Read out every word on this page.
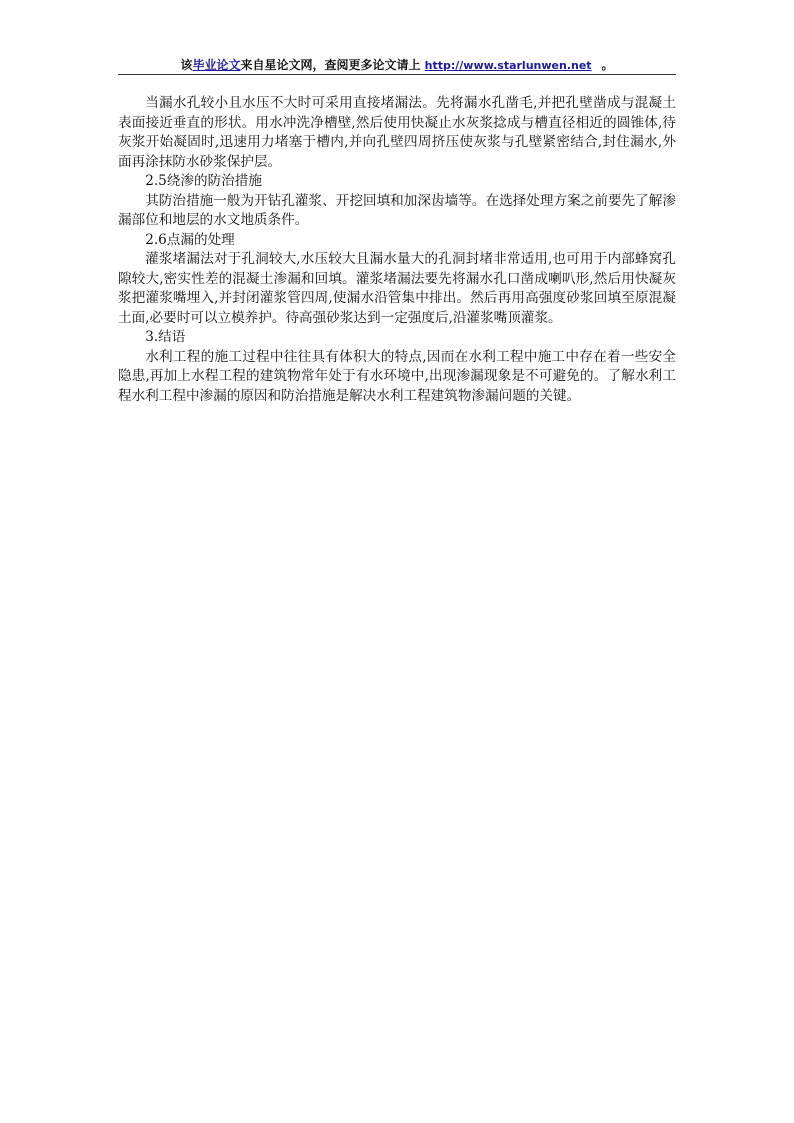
该毕业论文来自星论文网，查阅更多论文请上 http://www.starlunwen.net 。

当漏水孔较小且水压不大时可采用直接堵漏法。先将漏水孔凿毛,并把孔壁凿成与混凝土表面接近垂直的形状。用水冲洗净槽壁,然后使用快凝止水灰浆捻成与槽直径相近的圆锥体,待灰浆开始凝固时,迅速用力堵塞于槽内,并向孔壁四周挤压使灰浆与孔壁紧密结合,封住漏水,外面再涂抹防水砂浆保护层。

2.5绕渗的防治措施

其防治措施一般为开钻孔灌浆、开挖回填和加深齿墙等。在选择处理方案之前要先了解渗漏部位和地层的水文地质条件。

2.6点漏的处理

灌浆堵漏法对于孔洞较大,水压较大且漏水量大的孔洞封堵非常适用,也可用于内部蜂窝孔隙较大,密实性差的混凝土渗漏和回填。灌浆堵漏法要先将漏水孔口凿成喇叭形,然后用快凝灰浆把灌浆嘴埋入,并封闭灌浆管四周,使漏水沿管集中排出。然后再用高强度砂浆回填至原混凝土面,必要时可以立模养护。待高强砂浆达到一定强度后,沿灌浆嘴顶灌浆。

3.结语

水利工程的施工过程中往往具有体积大的特点,因而在水利工程中施工中存在着一些安全隐患,再加上水程工程的建筑物常年处于有水环境中,出现渗漏现象是不可避免的。了解水利工程水利工程中渗漏的原因和防治措施是解决水利工程建筑物渗漏问题的关键。
